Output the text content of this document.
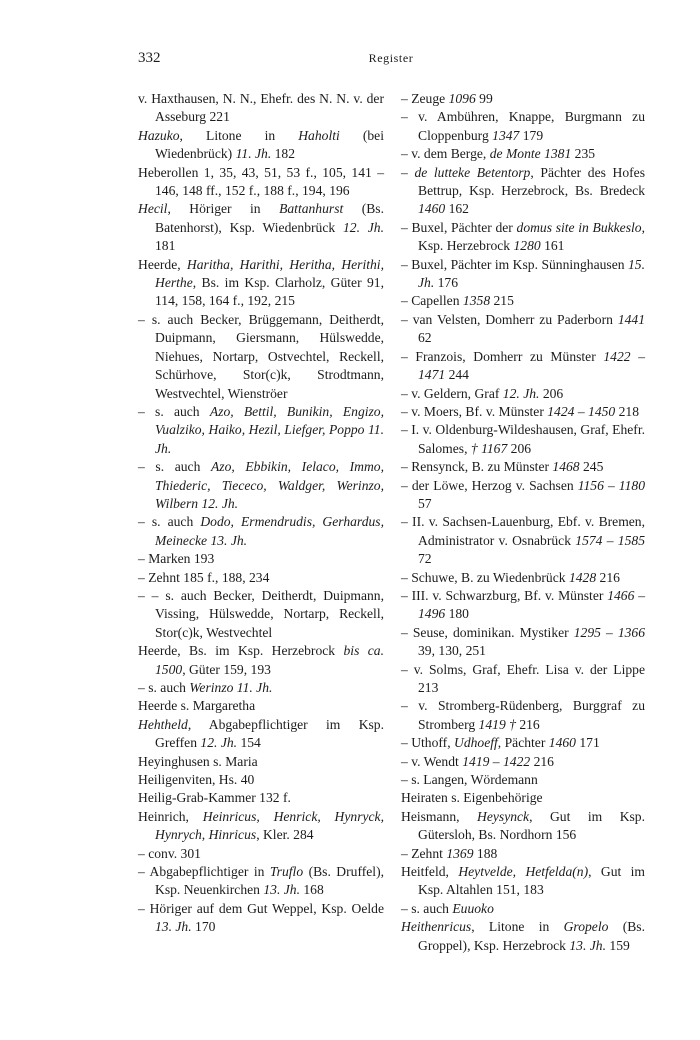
332	Register

v. Haxthausen, N. N., Ehefr. des N. N. v. der Asseburg 221

Hazuko, Litone in Haholti (bei Wiedenbrück) 11. Jh. 182

Heberollen 1, 35, 43, 51, 53 f., 105, 141 – 146, 148 ff., 152 f., 188 f., 194, 196

Hecil, Höriger in Battanhurst (Bs. Batenhorst), Ksp. Wiedenbrück 12. Jh. 181

Heerde, Haritha, Harithi, Heritha, Herithi, Herthe, Bs. im Ksp. Clarholz, Güter 91, 114, 158, 164 f., 192, 215

– s. auch Becker, Brüggemann, Deitherdt, Duipmann, Giersmann, Hülswedde, Niehues, Nortarp, Ostvechtel, Reckell, Schürhove, Stor(c)k, Strodtmann, Westvechtel, Wienströer

– s. auch Azo, Bettil, Bunikin, Engizo, Vualziko, Haiko, Hezil, Liefger, Poppo 11. Jh.

– s. auch Azo, Ebbikin, Ielaco, Immo, Thiederic, Tiececo, Waldger, Werinzo, Wilbern 12. Jh.

– s. auch Dodo, Ermendrudis, Gerhardus, Meinecke 13. Jh.

– Marken 193

– Zehnt 185 f., 188, 234

– – s. auch Becker, Deitherdt, Duipmann, Vissing, Hülswedde, Nortarp, Reckell, Stor(c)k, Westvechtel

Heerde, Bs. im Ksp. Herzebrock bis ca. 1500, Güter 159, 193

– s. auch Werinzo 11. Jh.

Heerde s. Margaretha

Hehtheld, Abgabepflichtiger im Ksp. Greffen 12. Jh. 154

Heyinghusen s. Maria

Heiligenviten, Hs. 40

Heilig-Grab-Kammer 132 f.

Heinrich, Heinricus, Henrick, Hynryck, Hynrych, Hinricus, Kler. 284

– conv. 301

– Abgabepflichtiger in Truflo (Bs. Druffel), Ksp. Neuenkirchen 13. Jh. 168

– Höriger auf dem Gut Weppel, Ksp. Oelde 13. Jh. 170

– Zeuge 1096 99

– v. Ambühren, Knappe, Burgmann zu Cloppenburg 1347 179

– v. dem Berge, de Monte 1381 235

– de lutteke Betentorp, Pächter des Hofes Bettrup, Ksp. Herzebrock, Bs. Bredeck 1460 162

– Buxel, Pächter der domus site in Bukkeslo, Ksp. Herzebrock 1280 161

– Buxel, Pächter im Ksp. Sünninghausen 15. Jh. 176

– Capellen 1358 215

– van Velsten, Domherr zu Paderborn 1441 62

– Franzois, Domherr zu Münster 1422 – 1471 244

– v. Geldern, Graf 12. Jh. 206

– v. Moers, Bf. v. Münster 1424 – 1450 218

– I. v. Oldenburg-Wildeshausen, Graf, Ehefr. Salomes, † 1167 206

– Rensynck, B. zu Münster 1468 245

– der Löwe, Herzog v. Sachsen 1156 – 1180 57

– II. v. Sachsen-Lauenburg, Ebf. v. Bremen, Administrator v. Osnabrück 1574 – 1585 72

– Schuwe, B. zu Wiedenbrück 1428 216

– III. v. Schwarzburg, Bf. v. Münster 1466 – 1496 180

– Seuse, dominikan. Mystiker 1295 – 1366 39, 130, 251

– v. Solms, Graf, Ehefr. Lisa v. der Lippe 213

– v. Stromberg-Rüdenberg, Burggraf zu Stromberg 1419 † 216

– Uthoff, Udhoeff, Pächter 1460 171

– v. Wendt 1419 – 1422 216

– s. Langen, Wördemann

Heiraten s. Eigenbehörige

Heismann, Heysynck, Gut im Ksp. Gütersloh, Bs. Nordhorn 156

– Zehnt 1369 188

Heitfeld, Heytvelde, Hetfelda(n), Gut im Ksp. Altahlen 151, 183

– s. auch Euuoko

Heithenricus, Litone in Gropelo (Bs. Groppel), Ksp. Herzebrock 13. Jh. 159
